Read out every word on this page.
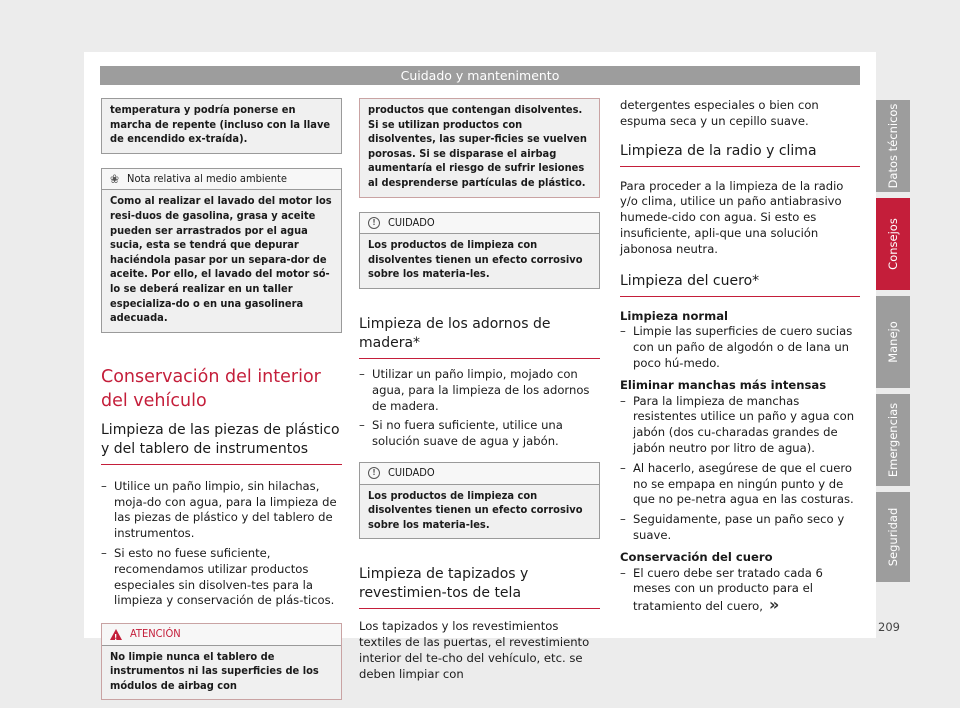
Cuidado y mantenimento
temperatura y podría ponerse en marcha de repente (incluso con la llave de encendido ex-traída).
❀ Nota relativa al medio ambiente
Como al realizar el lavado del motor los resi-duos de gasolina, grasa y aceite pueden ser arrastrados por el agua sucia, esta se tendrá que depurar haciéndola pasar por un separa-dor de aceite. Por ello, el lavado del motor só-lo se deberá realizar en un taller especializa-do o en una gasolinera adecuada.
Conservación del interior del vehículo
Limpieza de las piezas de plástico y del tablero de instrumentos
– Utilice un paño limpio, sin hilachas, moja-do con agua, para la limpieza de las piezas de plástico y del tablero de instrumentos.
– Si esto no fuese suficiente, recomendamos utilizar productos especiales sin disolven-tes para la limpieza y conservación de plás-ticos.
!
ATENCIÓN
No limpie nunca el tablero de instrumentos ni las superficies de los módulos de airbag con
productos que contengan disolventes. Si se utilizan productos con disolventes, las super-ficies se vuelven porosas. Si se disparase el airbag aumentaría el riesgo de sufrir lesiones al desprenderse partículas de plástico.
!	CUIDADO
Los productos de limpieza con disolventes tienen un efecto corrosivo sobre los materia-les.
Limpieza de los adornos de madera*
– Utilizar un paño limpio, mojado con agua, para la limpieza de los adornos de madera.
– Si no fuera suficiente, utilice una solución suave de agua y jabón.
!	CUIDADO
Los productos de limpieza con disolventes tienen un efecto corrosivo sobre los materia-les.
Limpieza de tapizados y revestimien-tos de tela

Los tapizados y los revestimientos textiles de las puertas, el revestimiento interior del te-cho del vehículo, etc. se deben limpiar con

detergentes especiales o bien con espuma seca y un cepillo suave.

Limpieza de la radio y clima

Para proceder a la limpieza de la radio y/o clima, utilice un paño antiabrasivo humede-cido con agua. Si esto es insuficiente, apli-que una solución jabonosa neutra.

Limpieza del cuero*
Limpieza normal
– Limpie las superficies de cuero sucias con un paño de algodón o de lana un poco hú-medo.
Eliminar manchas más intensas
– Para la limpieza de manchas resistentes utilice un paño y agua con jabón (dos cu-charadas grandes de jabón neutro por litro de agua).
– Al hacerlo, asegúrese de que el cuero no se empapa en ningún punto y de que no pe-netra agua en las costuras.
– Seguidamente, pase un paño seco y suave.
Conservación del cuero
– El cuero debe ser tratado cada 6 meses con un producto para el tratamiento del cuero, »
Datos técnicos
Consejos
Manejo
Emergencias
Seguridad
209
